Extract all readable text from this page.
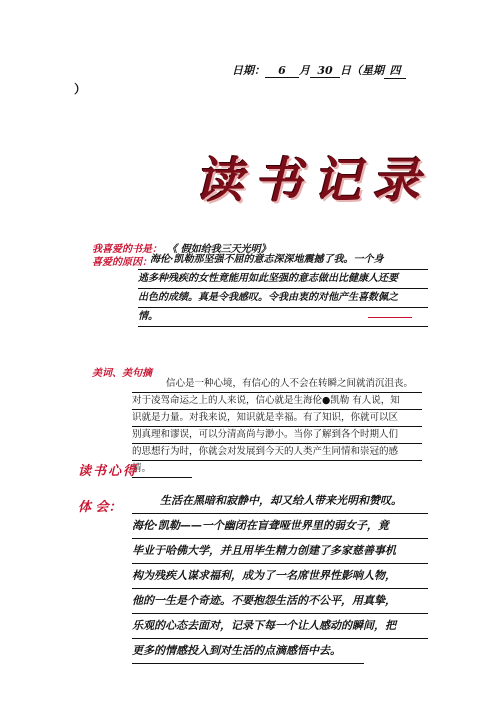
日期： 6 月 30 日（星期 四
）
读 书 记 录
我喜爱的书是： 《 假如给我三天光明》
喜爱的原因：
海伦·凯勒那坚强不屈的意志深深地震撼了我。一个身
逃多种残疾的女性竟能用如此坚强的意志做出比健康人还要
出色的成绩。真是令我感叹。令我由衷的对他产生喜数佩之
情。
美词、美句摘
信心是一种心境，有信心的人不会在转瞬之间就消沉沮丧。
对于凌驾命运之上的人来说，信心就是生海伦●凯勒 有人说，知
识就是力量。对我来说，知识就是幸福。有了知识，你就可以区
别真理和谬误，可以分清高尚与渺小。当你了解到各个时期人们
的思想行为时，你就会对发展到今天的人类产生同情和崇冠的感
情。
读书心得
体 会：	生活在黑暗和寂静中，却又给人带来光明和赞叹。
海伦·凯勒——一个幽闭在盲聋哑世界里的弱女子，竟
毕业于哈佛大学，并且用毕生精力创建了多家慈善事机
构为残疾人谋求福利，成为了一名席世界性影响人物，
他的一生是个奇迹。不要抱怨生活的不公平，用真挚，
乐观的心态去面对，记录下每一个让人感动的瞬间，把
更多的情感投入到对生活的点滴感悟中去。
